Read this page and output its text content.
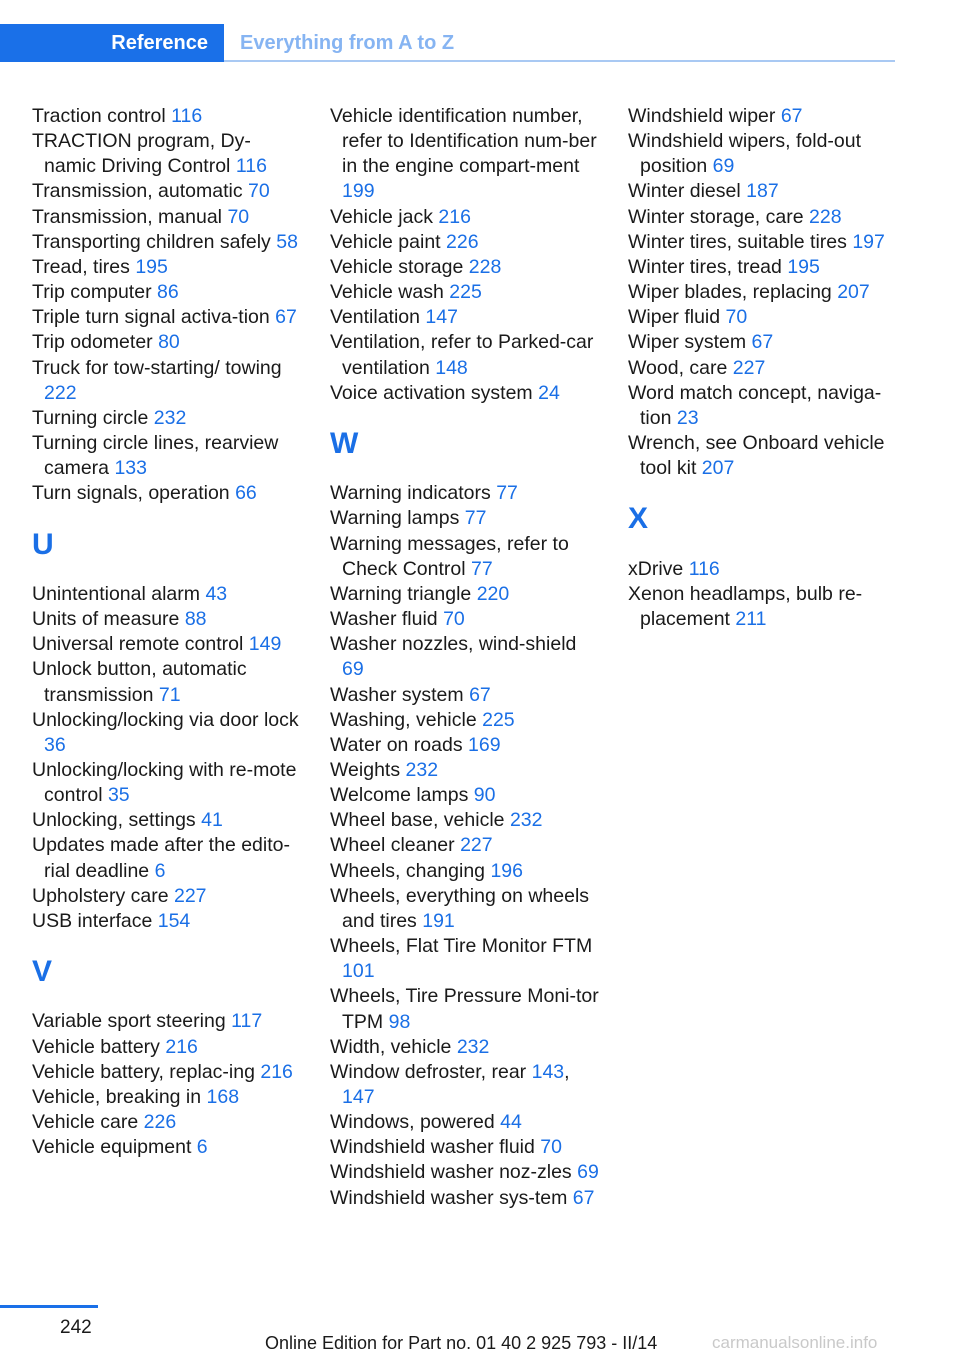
Reference	Everything from A to Z
Traction control 116
TRACTION program, Dy-namic Driving Control 116
Transmission, automatic 70
Transmission, manual 70
Transporting children safely 58
Tread, tires 195
Trip computer 86
Triple turn signal activa-tion 67
Trip odometer 80
Truck for tow-starting/ towing 222
Turning circle 232
Turning circle lines, rearview camera 133
Turn signals, operation 66
U
Unintentional alarm 43
Units of measure 88
Universal remote control 149
Unlock button, automatic transmission 71
Unlocking/locking via door lock 36
Unlocking/locking with re-mote control 35
Unlocking, settings 41
Updates made after the edito-rial deadline 6
Upholstery care 227
USB interface 154
V
Variable sport steering 117
Vehicle battery 216
Vehicle battery, replac-ing 216
Vehicle, breaking in 168
Vehicle care 226
Vehicle equipment 6
Vehicle identification number, refer to Identification num-ber in the engine compart-ment 199
Vehicle jack 216
Vehicle paint 226
Vehicle storage 228
Vehicle wash 225
Ventilation 147
Ventilation, refer to Parked-car ventilation 148
Voice activation system 24
W
Warning indicators 77
Warning lamps 77
Warning messages, refer to Check Control 77
Warning triangle 220
Washer fluid 70
Washer nozzles, wind-shield 69
Washer system 67
Washing, vehicle 225
Water on roads 169
Weights 232
Welcome lamps 90
Wheel base, vehicle 232
Wheel cleaner 227
Wheels, changing 196
Wheels, everything on wheels and tires 191
Wheels, Flat Tire Monitor FTM 101
Wheels, Tire Pressure Moni-tor TPM 98
Width, vehicle 232
Window defroster, rear 143, 147
Windows, powered 44
Windshield washer fluid 70
Windshield washer noz-zles 69
Windshield washer sys-tem 67
Windshield wiper 67
Windshield wipers, fold-out position 69
Winter diesel 187
Winter storage, care 228
Winter tires, suitable tires 197
Winter tires, tread 195
Wiper blades, replacing 207
Wiper fluid 70
Wiper system 67
Wood, care 227
Word match concept, naviga-tion 23
Wrench, see Onboard vehicle tool kit 207
X
xDrive 116
Xenon headlamps, bulb re-placement 211
242
Online Edition for Part no. 01 40 2 925 793 - II/14	carmanualsonline.info
